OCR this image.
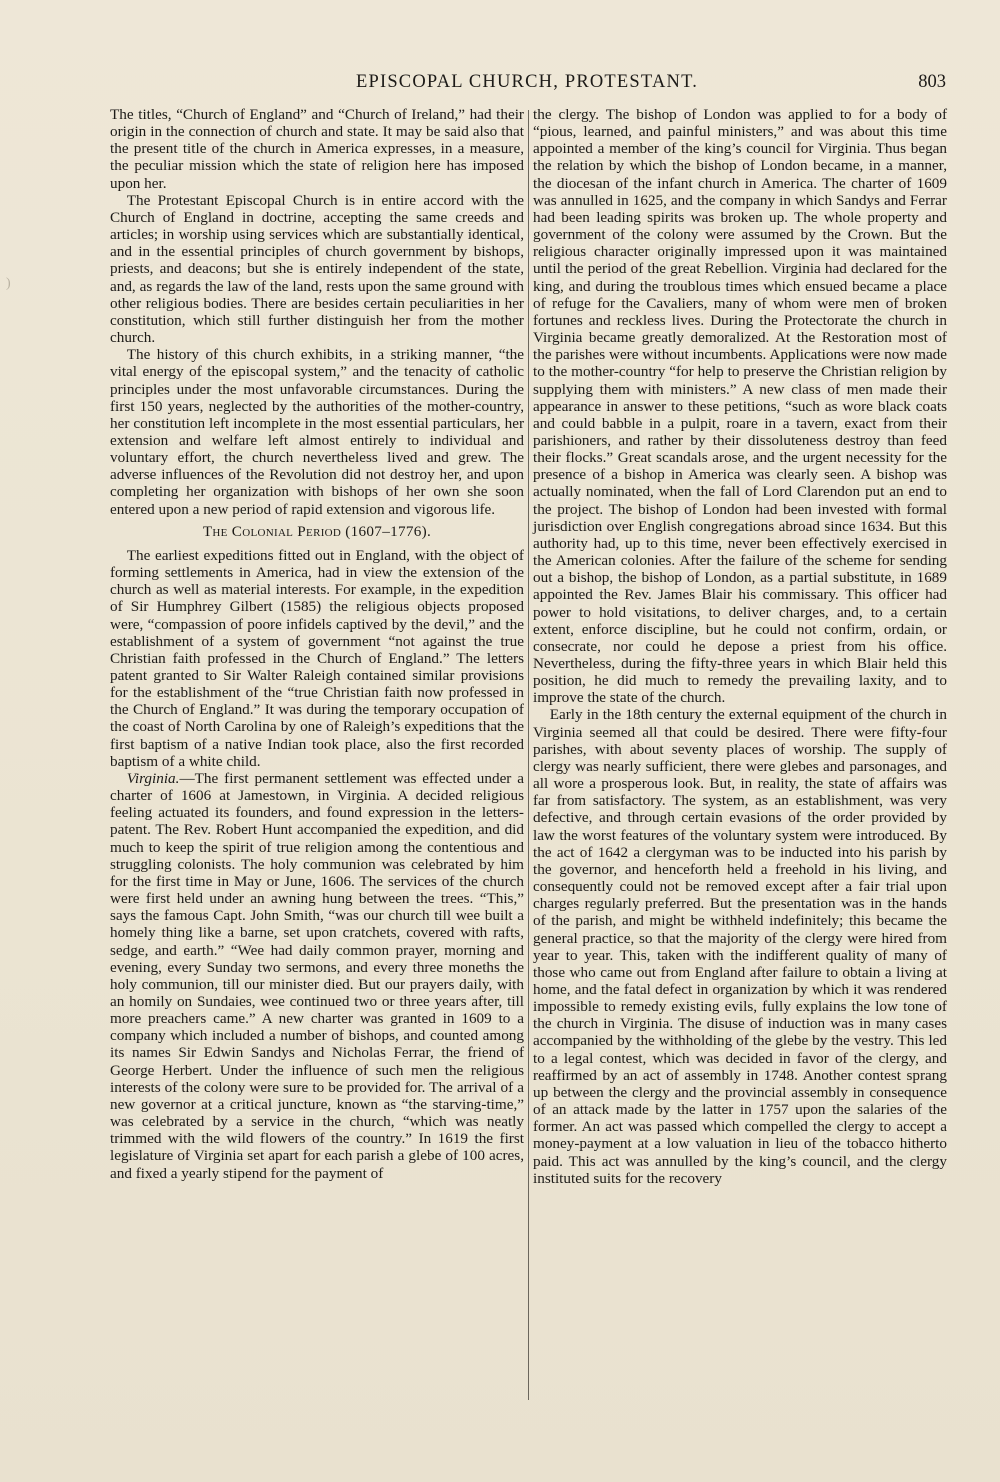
EPISCOPAL CHURCH, PROTESTANT.	803
)

The titles, “Church of England” and “Church of Ireland,” had their origin in the connection of church and state. It may be said also that the present title of the church in America expresses, in a measure, the peculiar mission which the state of religion here has imposed upon her.

The Protestant Episcopal Church is in entire accord with the Church of England in doctrine, accepting the same creeds and articles; in worship using services which are substantially identical, and in the essential principles of church government by bishops, priests, and deacons; but she is entirely independent of the state, and, as regards the law of the land, rests upon the same ground with other religious bodies. There are besides certain peculiarities in her constitution, which still further distinguish her from the mother church.

The history of this church exhibits, in a striking manner, “the vital energy of the episcopal system,” and the tenacity of catholic principles under the most unfavorable circumstances. During the first 150 years, neglected by the authorities of the mother-country, her constitution left incomplete in the most essential particulars, her extension and welfare left almost entirely to individual and voluntary effort, the church nevertheless lived and grew. The adverse influences of the Revolution did not destroy her, and upon completing her organization with bishops of her own she soon entered upon a new period of rapid extension and vigorous life.

The Colonial Period (1607–1776).

The earliest expeditions fitted out in England, with the object of forming settlements in America, had in view the extension of the church as well as material interests. For example, in the expedition of Sir Humphrey Gilbert (1585) the religious objects proposed were, “compassion of poore infidels captived by the devil,” and the establishment of a system of government “not against the true Christian faith professed in the Church of England.” The letters patent granted to Sir Walter Raleigh contained similar provisions for the establishment of the “true Christian faith now professed in the Church of England.” It was during the temporary occupation of the coast of North Carolina by one of Raleigh’s expeditions that the first baptism of a native Indian took place, also the first recorded baptism of a white child.

Virginia.—The first permanent settlement was effected under a charter of 1606 at Jamestown, in Virginia. A decided religious feeling actuated its founders, and found expression in the letters-patent. The Rev. Robert Hunt accompanied the expedition, and did much to keep the spirit of true religion among the contentious and struggling colonists. The holy communion was celebrated by him for the first time in May or June, 1606. The services of the church were first held under an awning hung between the trees. “This,” says the famous Capt. John Smith, “was our church till wee built a homely thing like a barne, set upon cratchets, covered with rafts, sedge, and earth.” “Wee had daily common prayer, morning and evening, every Sunday two sermons, and every three moneths the holy communion, till our minister died. But our prayers daily, with an homily on Sundaies, wee continued two or three years after, till more preachers came.” A new charter was granted in 1609 to a company which included a number of bishops, and counted among its names Sir Edwin Sandys and Nicholas Ferrar, the friend of George Herbert. Under the influence of such men the religious interests of the colony were sure to be provided for. The arrival of a new governor at a critical juncture, known as “the starving-time,” was celebrated by a service in the church, “which was neatly trimmed with the wild flowers of the country.” In 1619 the first legislature of Virginia set apart for each parish a glebe of 100 acres, and fixed a yearly stipend for the payment of

the clergy. The bishop of London was applied to for a body of “pious, learned, and painful ministers,” and was about this time appointed a member of the king’s council for Virginia. Thus began the relation by which the bishop of London became, in a manner, the diocesan of the infant church in America. The charter of 1609 was annulled in 1625, and the company in which Sandys and Ferrar had been leading spirits was broken up. The whole property and government of the colony were assumed by the Crown. But the religious character originally impressed upon it was maintained until the period of the great Rebellion. Virginia had declared for the king, and during the troublous times which ensued became a place of refuge for the Cavaliers, many of whom were men of broken fortunes and reckless lives. During the Protectorate the church in Virginia became greatly demoralized. At the Restoration most of the parishes were without incumbents. Applications were now made to the mother-country “for help to preserve the Christian religion by supplying them with ministers.” A new class of men made their appearance in answer to these petitions, “such as wore black coats and could babble in a pulpit, roare in a tavern, exact from their parishioners, and rather by their dissoluteness destroy than feed their flocks.” Great scandals arose, and the urgent necessity for the presence of a bishop in America was clearly seen. A bishop was actually nominated, when the fall of Lord Clarendon put an end to the project. The bishop of London had been invested with formal jurisdiction over English congregations abroad since 1634. But this authority had, up to this time, never been effectively exercised in the American colonies. After the failure of the scheme for sending out a bishop, the bishop of London, as a partial substitute, in 1689 appointed the Rev. James Blair his commissary. This officer had power to hold visitations, to deliver charges, and, to a certain extent, enforce discipline, but he could not confirm, ordain, or consecrate, nor could he depose a priest from his office. Nevertheless, during the fifty-three years in which Blair held this position, he did much to remedy the prevailing laxity, and to improve the state of the church.

Early in the 18th century the external equipment of the church in Virginia seemed all that could be desired. There were fifty-four parishes, with about seventy places of worship. The supply of clergy was nearly sufficient, there were glebes and parsonages, and all wore a prosperous look. But, in reality, the state of affairs was far from satisfactory. The system, as an establishment, was very defective, and through certain evasions of the order provided by law the worst features of the voluntary system were introduced. By the act of 1642 a clergyman was to be inducted into his parish by the governor, and henceforth held a freehold in his living, and consequently could not be removed except after a fair trial upon charges regularly preferred. But the presentation was in the hands of the parish, and might be withheld indefinitely; this became the general practice, so that the majority of the clergy were hired from year to year. This, taken with the indifferent quality of many of those who came out from England after failure to obtain a living at home, and the fatal defect in organization by which it was rendered impossible to remedy existing evils, fully explains the low tone of the church in Virginia. The disuse of induction was in many cases accompanied by the withholding of the glebe by the vestry. This led to a legal contest, which was decided in favor of the clergy, and reaffirmed by an act of assembly in 1748. Another contest sprang up between the clergy and the provincial assembly in consequence of an attack made by the latter in 1757 upon the salaries of the former. An act was passed which compelled the clergy to accept a money-payment at a low valuation in lieu of the tobacco hitherto paid. This act was annulled by the king’s council, and the clergy instituted suits for the recovery
